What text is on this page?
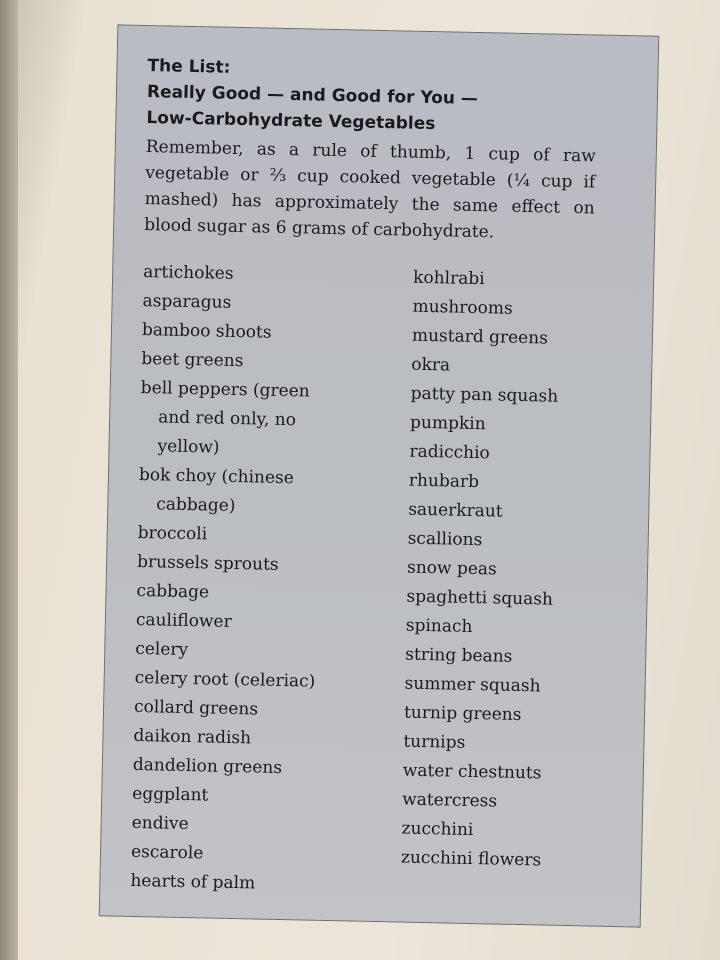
The List:
Really Good — and Good for You —
Low-Carbohydrate Vegetables

Remember, as a rule of thumb, 1 cup of raw vegetable or ⅔ cup cooked vegetable (¼ cup if mashed) has approximately the same effect on blood sugar as 6 grams of carbohydrate.

artichokes
asparagus
bamboo shoots
beet greens
bell peppers (green and red only, no yellow)
bok choy (chinese cabbage)
broccoli
brussels sprouts
cabbage
cauliflower
celery
celery root (celeriac)
collard greens
daikon radish
dandelion greens
eggplant
endive
escarole
hearts of palm
kohlrabi
mushrooms
mustard greens
okra
patty pan squash
pumpkin
radicchio
rhubarb
sauerkraut
scallions
snow peas
spaghetti squash
spinach
string beans
summer squash
turnip greens
turnips
water chestnuts
watercress
zucchini
zucchini flowers
